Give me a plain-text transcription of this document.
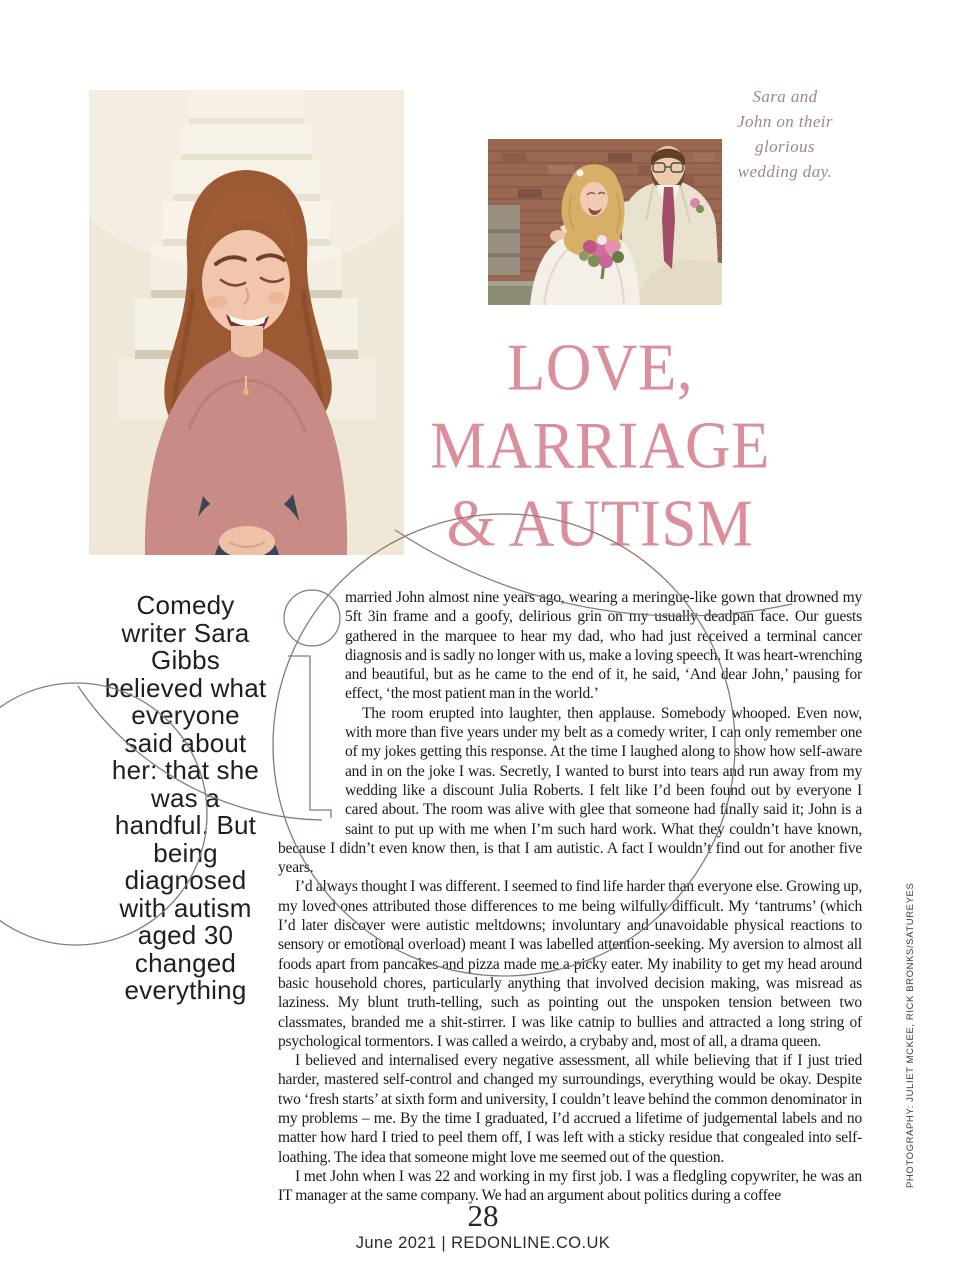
Sara and
John on their
glorious
wedding day.
LOVE,
MARRIAGE
& AUTISM
Comedy
writer Sara
Gibbs
believed what
everyone
said about
her: that she
was a
handful. But
being
diagnosed
with autism
aged 30
changed
everything

married John almost nine years ago, wearing a meringue-like gown that drowned my 5ft 3in frame and a goofy, delirious grin on my usually deadpan face. Our guests gathered in the marquee to hear my dad, who had just received a terminal cancer diagnosis and is sadly no longer with us, make a loving speech. It was heart-wrenching and beautiful, but as he came to the end of it, he said, ‘And dear John,’ pausing for effect, ‘the most patient man in the world.’

The room erupted into laughter, then applause. Somebody whooped. Even now, with more than five years under my belt as a comedy writer, I can only remember one of my jokes getting this response. At the time I laughed along to show how self-aware and in on the joke I was. Secretly, I wanted to burst into tears and run away from my wedding like a discount Julia Roberts. I felt like I’d been found out by everyone I cared about. The room was alive with glee that someone had finally said it; John is a saint to put up with me when I’m such hard work. What they couldn’t have known, because I didn’t even know then, is that I am autistic. A fact I wouldn’t find out for another five years.

I’d always thought I was different. I seemed to find life harder than everyone else. Growing up, my loved ones attributed those differences to me being wilfully difficult. My ‘tantrums’ (which I’d later discover were autistic meltdowns; involuntary and unavoidable physical reactions to sensory or emotional overload) meant I was labelled attention-seeking. My aversion to almost all foods apart from pancakes and pizza made me a picky eater. My inability to get my head around basic household chores, particularly anything that involved decision making, was misread as laziness. My blunt truth-telling, such as pointing out the unspoken tension between two classmates, branded me a shit-stirrer. I was like catnip to bullies and attracted a long string of psychological tormentors. I was called a weirdo, a crybaby and, most of all, a drama queen.

I believed and internalised every negative assessment, all while believing that if I just tried harder, mastered self-control and changed my surroundings, everything would be okay. Despite two ‘fresh starts’ at sixth form and university, I couldn’t leave behind the common denominator in my problems – me. By the time I graduated, I’d accrued a lifetime of judgemental labels and no matter how hard I tried to peel them off, I was left with a sticky residue that congealed into self-loathing. The idea that someone might love me seemed out of the question.

I met John when I was 22 and working in my first job. I was a fledgling copywriter, he was an IT manager at the same company. We had an argument about politics during a coffee

28
June 2021 | REDONLINE.CO.UK
PHOTOGRAPHY: JULIET MCKEE, RICK BRONKS/SATUREYES
